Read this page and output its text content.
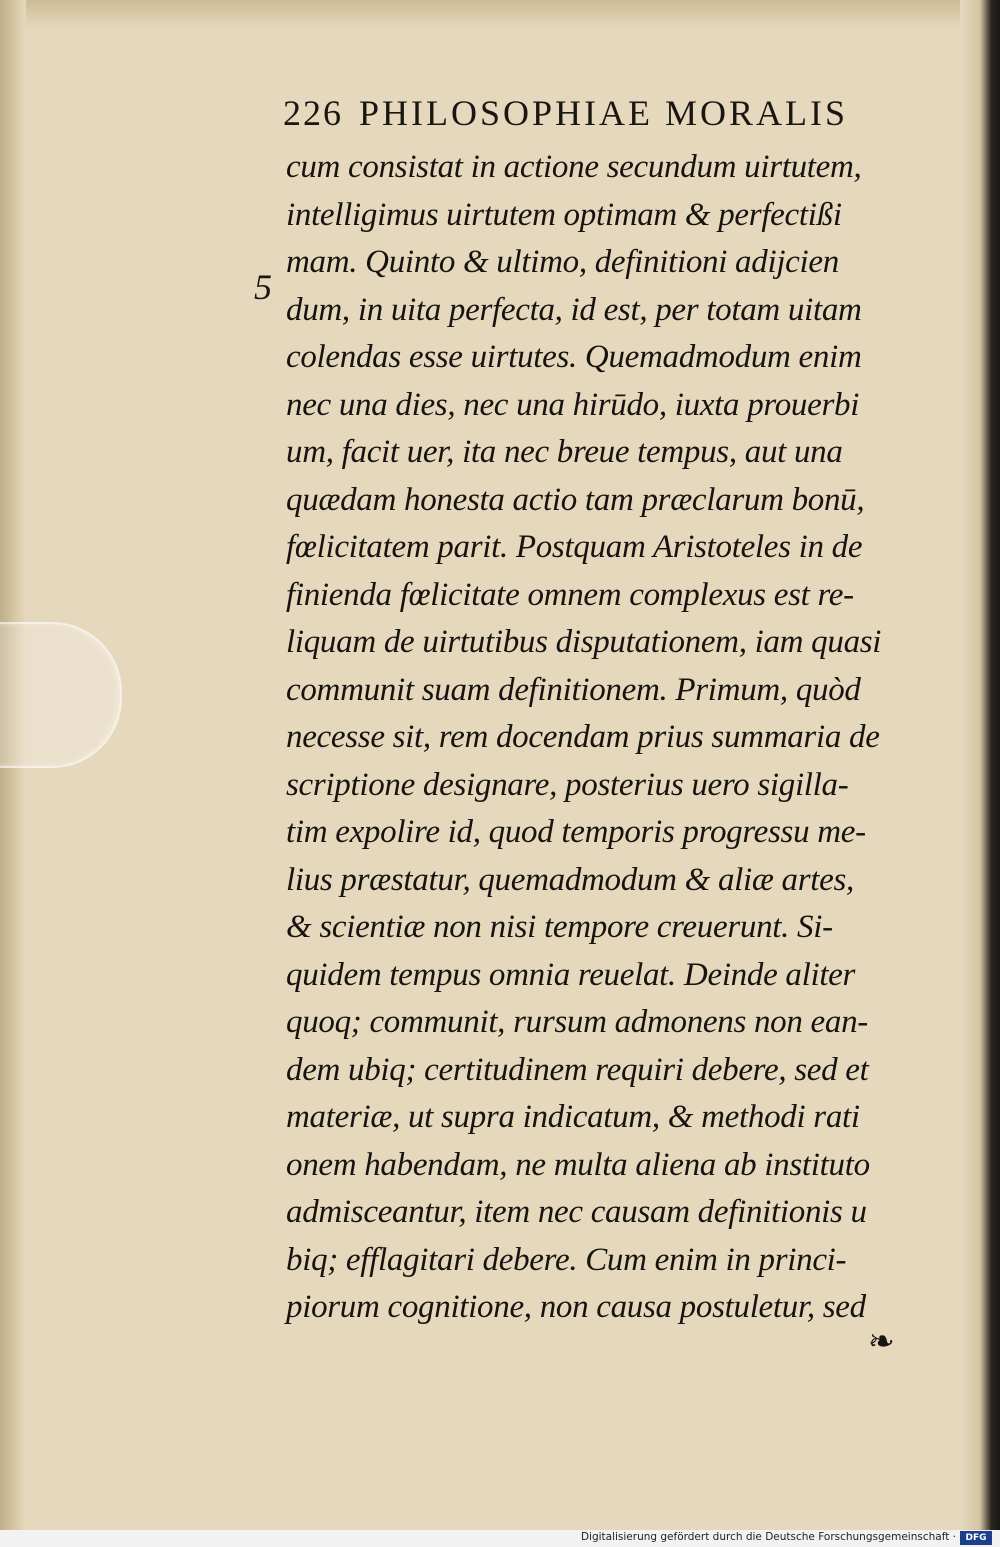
226 PHILOSOPHIAE MORALIS
5
cum consistat in actione secundum uirtutem,
intelligimus uirtutem optimam & perfectißi
mam. Quinto & ultimo, definitioni adijcien
dum, in uita perfecta, id est, per totam uitam
colendas esse uirtutes. Quemadmodum enim
nec una dies, nec una hirūdo, iuxta prouerbi
um, facit uer, ita nec breue tempus, aut una
quædam honesta actio tam præclarum bonū,
fœlicitatem parit. Postquam Aristoteles in de
finienda fœlicitate omnem complexus est re-
liquam de uirtutibus disputationem, iam quasi
communit suam definitionem. Primum, quòd
necesse sit, rem docendam prius summaria de
scriptione designare, posterius uero sigilla-
tim expolire id, quod temporis progressu me-
lius præstatur, quemadmodum & aliæ artes,
& scientiæ non nisi tempore creuerunt. Si-
quidem tempus omnia reuelat. Deinde aliter
quoq; communit, rursum admonens non ean-
dem ubiq; certitudinem requiri debere, sed et
materiæ, ut supra indicatum, & methodi rati
onem habendam, ne multa aliena ab instituto
admisceantur, item nec causam definitionis u
biq; efflagitari debere. Cum enim in princi-
piorum cognitione, non causa postuletur, sed
❧
Digitalisierung gefördert durch die Deutsche Forschungsgemeinschaft ·	DFG
